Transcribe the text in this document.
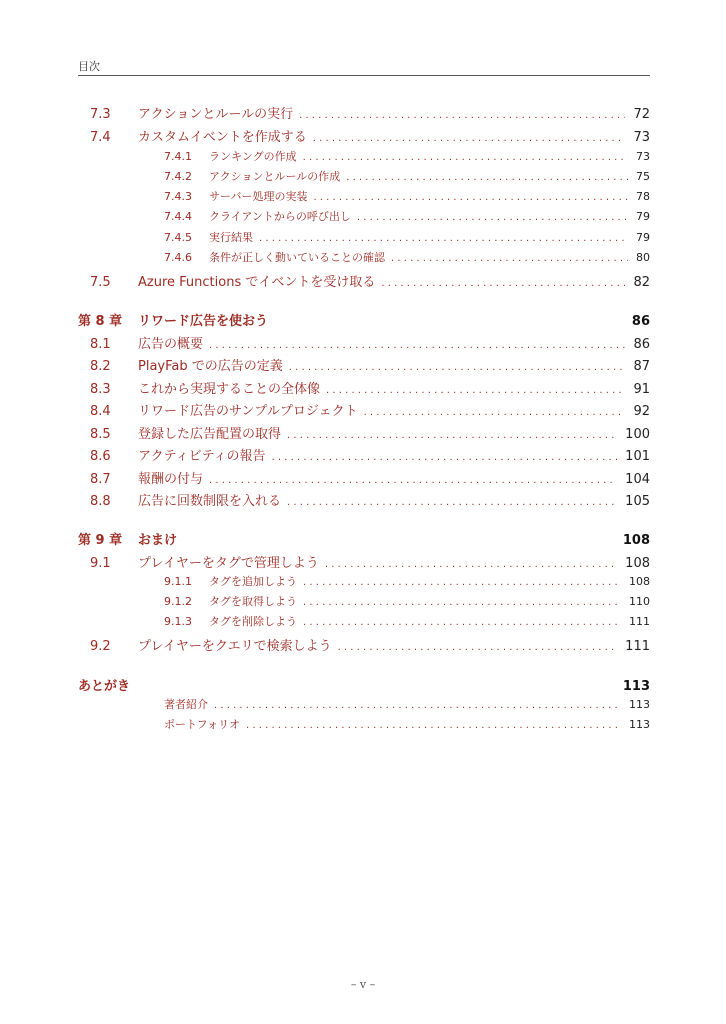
目次
7.3	アクションとルールの実行 . . .	72
7.4	カスタムイベントを作成する . . .	73
7.4.1	ランキングの作成 . . .	73
7.4.2	アクションとルールの作成 . . .	75
7.4.3	サーバー処理の実装 . . .	78
7.4.4	クライアントからの呼び出し . . .	79
7.4.5	実行結果 . . .	79
7.4.6	条件が正しく動いていることの確認 . . .	80
7.5	Azure Functions でイベントを受け取る . . .	82
第 8 章	リワード広告を使おう	86
8.1	広告の概要 . . .	86
8.2	PlayFab での広告の定義 . . .	87
8.3	これから実現することの全体像 . . .	91
8.4	リワード広告のサンプルプロジェクト . . .	92
8.5	登録した広告配置の取得 . . .	100
8.6	アクティビティの報告 . . .	101
8.7	報酬の付与 . . .	104
8.8	広告に回数制限を入れる . . .	105
第 9 章	おまけ	108
9.1	プレイヤーをタグで管理しよう . . .	108
9.1.1	タグを追加しよう . . .	108
9.1.2	タグを取得しよう . . .	110
9.1.3	タグを削除しよう . . .	111
9.2	プレイヤーをクエリで検索しよう . . .	111
あとがき	113
著者紹介 . . .	113
ポートフォリオ . . .	113
– v –
